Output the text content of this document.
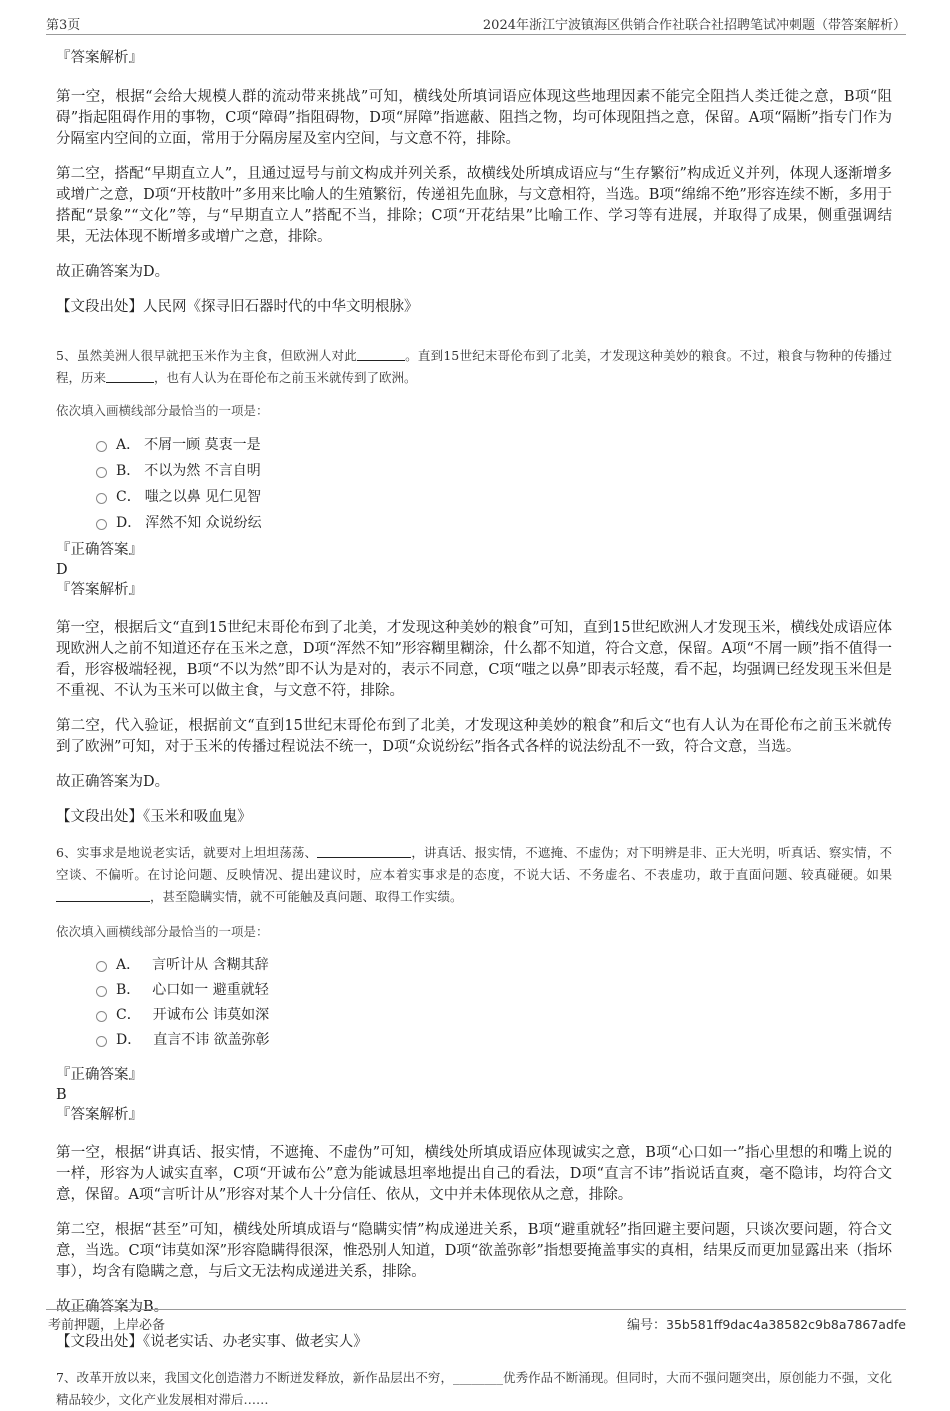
第3页	2024年浙江宁波镇海区供销合作社联合社招聘笔试冲刺题（带答案解析）
『答案解析』
第一空，根据“会给大规模人群的流动带来挑战”可知，横线处所填词语应体现这些地理因素不能完全阻挡人类迁徙之意，B项“阻碍”指起阻碍作用的事物，C项“障碍”指阻碍物，D项“屏障”指遮蔽、阻挡之物，均可体现阻挡之意，保留。A项“隔断”指专门作为分隔室内空间的立面，常用于分隔房屋及室内空间，与文意不符，排除。
第二空，搭配“早期直立人”，且通过逗号与前文构成并列关系，故横线处所填成语应与“生存繁衍”构成近义并列，体现人逐渐增多或增广之意，D项“开枝散叶”多用来比喻人的生殖繁衍，传递祖先血脉，与文意相符，当选。B项“绵绵不绝”形容连续不断，多用于搭配“景象”“文化”等，与“早期直立人”搭配不当，排除；C项“开花结果”比喻工作、学习等有进展，并取得了成果，侧重强调结果，无法体现不断增多或增广之意，排除。
故正确答案为D。
【文段出处】人民网《探寻旧石器时代的中华文明根脉》
5、虽然美洲人很早就把玉米作为主食，但欧洲人对此	。直到15世纪末哥伦布到了北美，才发现这种美妙的粮食。不过，粮食与物种的传播过程，历来	，也有人认为在哥伦布之前玉米就传到了欧洲。
依次填入画横线部分最恰当的一项是：
A． 不屑一顾 莫衷一是
B． 不以为然 不言自明
C． 嗤之以鼻 见仁见智
D． 浑然不知 众说纷纭
『正确答案』
D
『答案解析』
第一空，根据后文“直到15世纪末哥伦布到了北美，才发现这种美妙的粮食”可知，直到15世纪欧洲人才发现玉米，横线处成语应体现欧洲人之前不知道还存在玉米之意，D项“浑然不知”形容糊里糊涂，什么都不知道，符合文意，保留。A项“不屑一顾”指不值得一看，形容极端轻视，B项“不以为然”即不认为是对的，表示不同意，C项“嗤之以鼻”即表示轻蔑，看不起，均强调已经发现玉米但是不重视、不认为玉米可以做主食，与文意不符，排除。
第二空，代入验证，根据前文“直到15世纪末哥伦布到了北美，才发现这种美妙的粮食”和后文“也有人认为在哥伦布之前玉米就传到了欧洲”可知，对于玉米的传播过程说法不统一，D项“众说纷纭”指各式各样的说法纷乱不一致，符合文意，当选。
故正确答案为D。
【文段出处】《玉米和吸血鬼》
6、实事求是地说老实话，就要对上坦坦荡荡、	，讲真话、报实情，不遮掩、不虚伪；对下明辨是非、正大光明，听真话、察实情，不空谈、不偏听。在讨论问题、反映情况、提出建议时，应本着实事求是的态度，不说大话、不务虚名、不表虚功，敢于直面问题、较真碰硬。如果，甚至隐瞒实情，就不可能触及真问题、取得工作实绩。
依次填入画横线部分最恰当的一项是：
A． 言听计从 含糊其辞
B． 心口如一 避重就轻
C． 开诚布公 讳莫如深
D． 直言不讳 欲盖弥彰
『正确答案』
B
『答案解析』
第一空，根据“讲真话、报实情，不遮掩、不虚伪”可知，横线处所填成语应体现诚实之意，B项“心口如一”指心里想的和嘴上说的一样，形容为人诚实直率，C项“开诚布公”意为能诚恳坦率地提出自己的看法，D项“直言不讳”指说话直爽，毫不隐讳，均符合文意，保留。A项“言听计从”形容对某个人十分信任、依从，文中并未体现依从之意，排除。
第二空，根据“甚至”可知，横线处所填成语与“隐瞒实情”构成递进关系，B项“避重就轻”指回避主要问题，只谈次要问题，符合文意，当选。C项“讳莫如深”形容隐瞒得很深，惟恐别人知道，D项“欲盖弥彰”指想要掩盖事实的真相，结果反而更加显露出来（指坏事），均含有隐瞒之意，与后文无法构成递进关系，排除。
故正确答案为B。
【文段出处】《说老实话、办老实事、做老实人》
7、改革开放以来，我国文化创造潜力不断迸发释放，新作品层出不穷，________优秀作品不断涌现。但同时，大而不强问题突出，原创能力不强，文化精品较少，文化产业发展相对滞后……
考前押题，上岸必备	编号：35b581ff9dac4a38582c9b8a7867adfe
